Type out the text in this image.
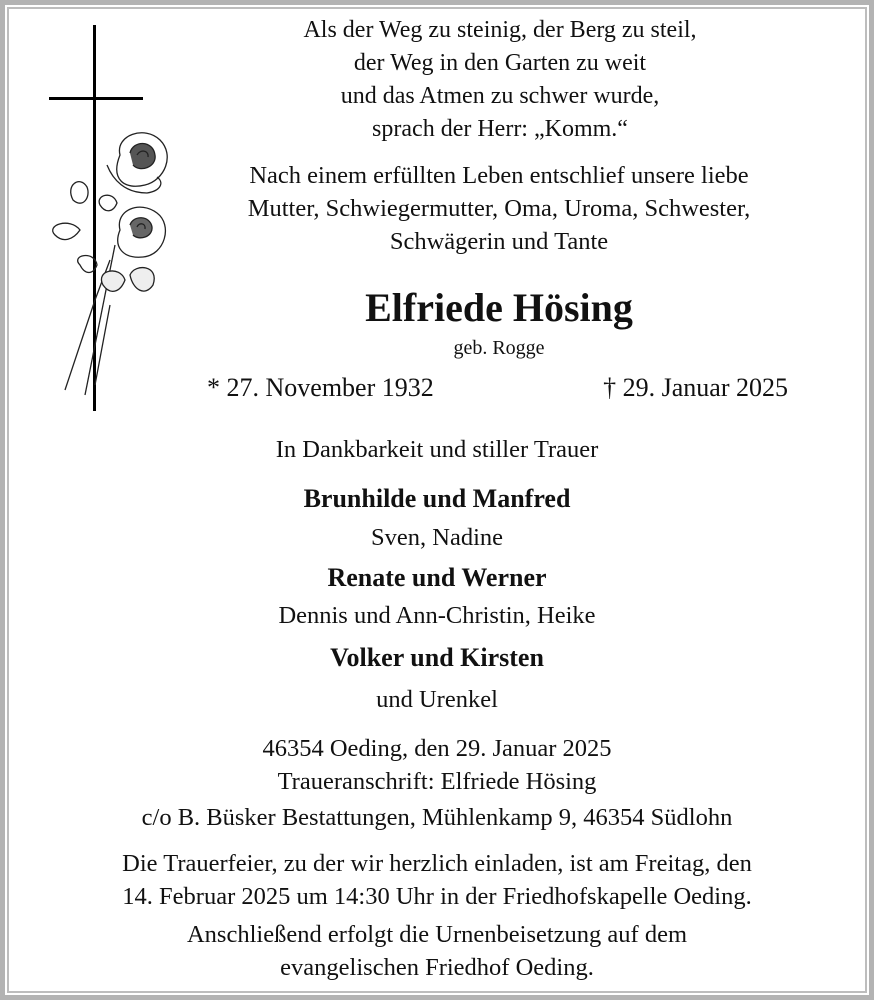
Als der Weg zu steinig, der Berg zu steil,
der Weg in den Garten zu weit
und das Atmen zu schwer wurde,
sprach der Herr: „Komm.“
Nach einem erfüllten Leben entschlief unsere liebe
Mutter, Schwiegermutter, Oma, Uroma, Schwester,
Schwägerin und Tante
Elfriede Hösing
geb. Rogge
* 27. November 1932	† 29. Januar 2025
In Dankbarkeit und stiller Trauer
Brunhilde und Manfred
Sven, Nadine
Renate und Werner
Dennis und Ann-Christin, Heike
Volker und Kirsten
und Urenkel
46354 Oeding, den 29. Januar 2025
Traueranschrift: Elfriede Hösing
c/o B. Büsker Bestattungen, Mühlenkamp 9, 46354 Südlohn
Die Trauerfeier, zu der wir herzlich einladen, ist am Freitag, den
14. Februar 2025 um 14:30 Uhr in der Friedhofskapelle Oeding.
Anschließend erfolgt die Urnenbeisetzung auf dem
evangelischen Friedhof Oeding.
